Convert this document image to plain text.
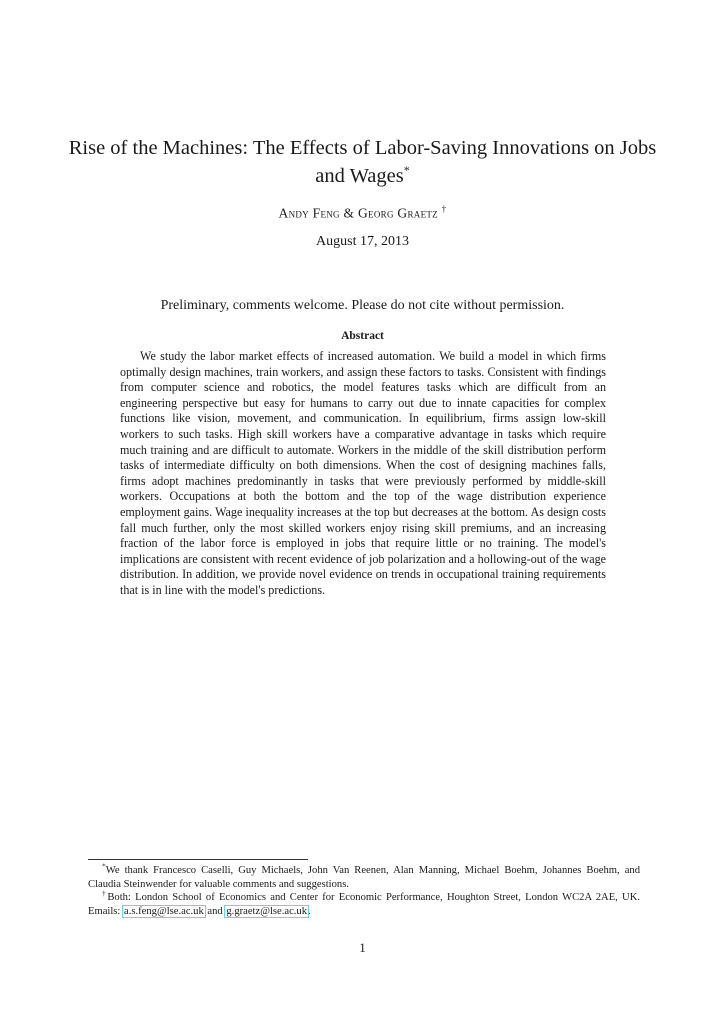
Rise of the Machines: The Effects of Labor-Saving Innovations on Jobs and Wages*
Andy Feng & Georg Graetz †
August 17, 2013
Preliminary, comments welcome. Please do not cite without permission.
Abstract

We study the labor market effects of increased automation. We build a model in which firms optimally design machines, train workers, and assign these factors to tasks. Consistent with findings from computer science and robotics, the model features tasks which are difficult from an engineering perspective but easy for humans to carry out due to innate capacities for complex functions like vision, movement, and communication. In equilibrium, firms assign low-skill workers to such tasks. High skill workers have a comparative advantage in tasks which require much training and are difficult to automate. Workers in the middle of the skill distribution perform tasks of intermediate difficulty on both dimensions. When the cost of designing machines falls, firms adopt machines predominantly in tasks that were previously performed by middle-skill workers. Occupations at both the bottom and the top of the wage distribution experience employment gains. Wage inequality increases at the top but decreases at the bottom. As design costs fall much further, only the most skilled workers enjoy rising skill premiums, and an increasing fraction of the labor force is employed in jobs that require little or no training. The model's implications are consistent with recent evidence of job polarization and a hollowing-out of the wage distribution. In addition, we provide novel evidence on trends in occupational training requirements that is in line with the model's predictions.

*We thank Francesco Caselli, Guy Michaels, John Van Reenen, Alan Manning, Michael Boehm, Johannes Boehm, and Claudia Steinwender for valuable comments and suggestions.

†Both: London School of Economics and Center for Economic Performance, Houghton Street, London WC2A 2AE, UK. Emails: a.s.feng@lse.ac.uk and g.graetz@lse.ac.uk.

1
